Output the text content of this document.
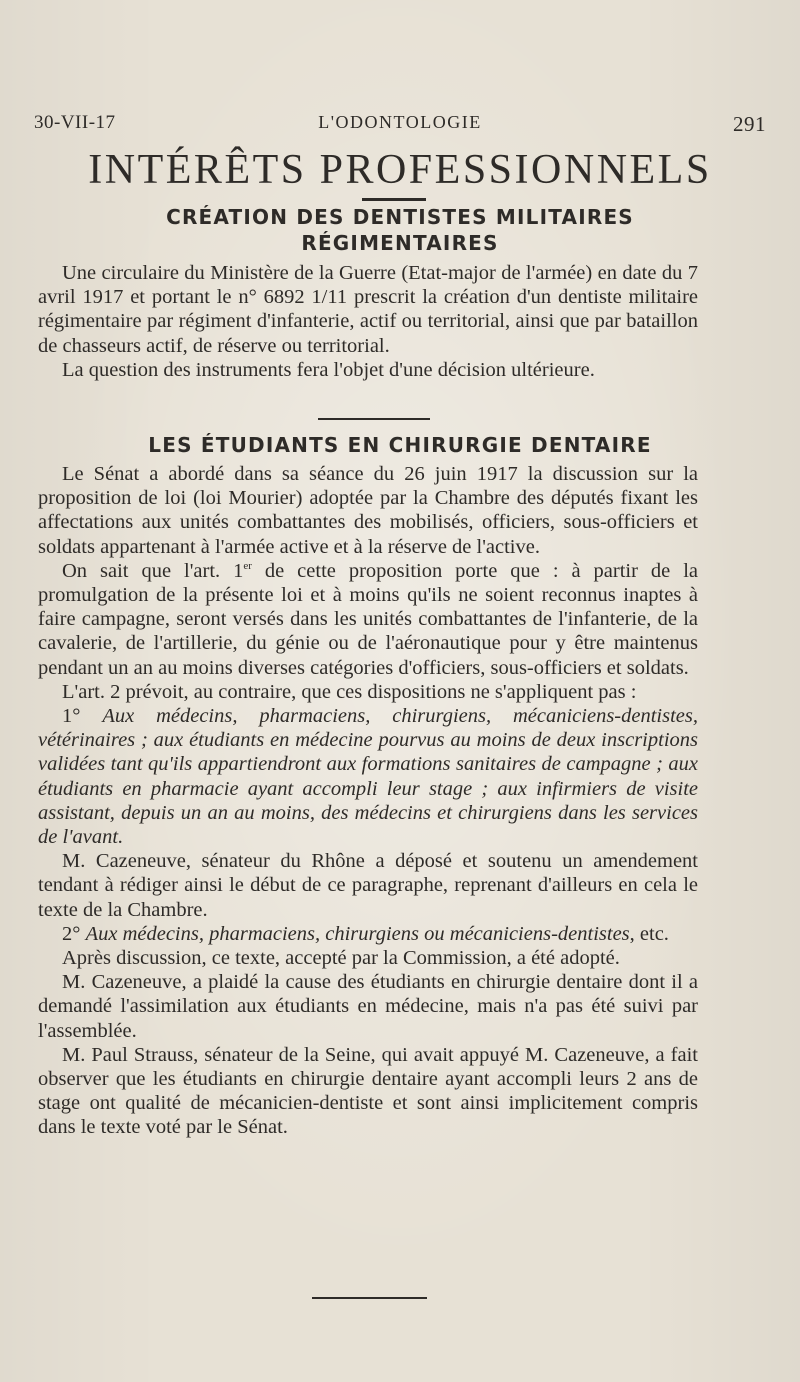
30-VII-17	L'ODONTOLOGIE	291
INTÉRÊTS PROFESSIONNELS
CRÉATION DES DENTISTES MILITAIRES
RÉGIMENTAIRES

Une circulaire du Ministère de la Guerre (Etat-major de l'armée) en date du 7 avril 1917 et portant le n° 6892 1/11 prescrit la création d'un dentiste militaire régimentaire par régiment d'infanterie, actif ou territorial, ainsi que par bataillon de chasseurs actif, de réserve ou territorial.

La question des instruments fera l'objet d'une décision ultérieure.

LES ÉTUDIANTS EN CHIRURGIE DENTAIRE

Le Sénat a abordé dans sa séance du 26 juin 1917 la discussion sur la proposition de loi (loi Mourier) adoptée par la Chambre des députés fixant les affectations aux unités combattantes des mobilisés, officiers, sous-officiers et soldats appartenant à l'armée active et à la réserve de l'active.

On sait que l'art. 1er de cette proposition porte que : à partir de la promulgation de la présente loi et à moins qu'ils ne soient reconnus inaptes à faire campagne, seront versés dans les unités combattantes de l'infanterie, de la cavalerie, de l'artillerie, du génie ou de l'aéronautique pour y être maintenus pendant un an au moins diverses catégories d'officiers, sous-officiers et soldats.

L'art. 2 prévoit, au contraire, que ces dispositions ne s'appliquent pas :

1° Aux médecins, pharmaciens, chirurgiens, mécaniciens-dentistes, vétérinaires ; aux étudiants en médecine pourvus au moins de deux inscriptions validées tant qu'ils appartiendront aux formations sanitaires de campagne ; aux étudiants en pharmacie ayant accompli leur stage ; aux infirmiers de visite assistant, depuis un an au moins, des médecins et chirurgiens dans les services de l'avant.

M. Cazeneuve, sénateur du Rhône a déposé et soutenu un amendement tendant à rédiger ainsi le début de ce paragraphe, reprenant d'ailleurs en cela le texte de la Chambre.

2° Aux médecins, pharmaciens, chirurgiens ou mécaniciens-dentistes, etc.

Après discussion, ce texte, accepté par la Commission, a été adopté.

M. Cazeneuve, a plaidé la cause des étudiants en chirurgie dentaire dont il a demandé l'assimilation aux étudiants en médecine, mais n'a pas été suivi par l'assemblée.

M. Paul Strauss, sénateur de la Seine, qui avait appuyé M. Cazeneuve, a fait observer que les étudiants en chirurgie dentaire ayant accompli leurs 2 ans de stage ont qualité de mécanicien-dentiste et sont ainsi implicitement compris dans le texte voté par le Sénat.
